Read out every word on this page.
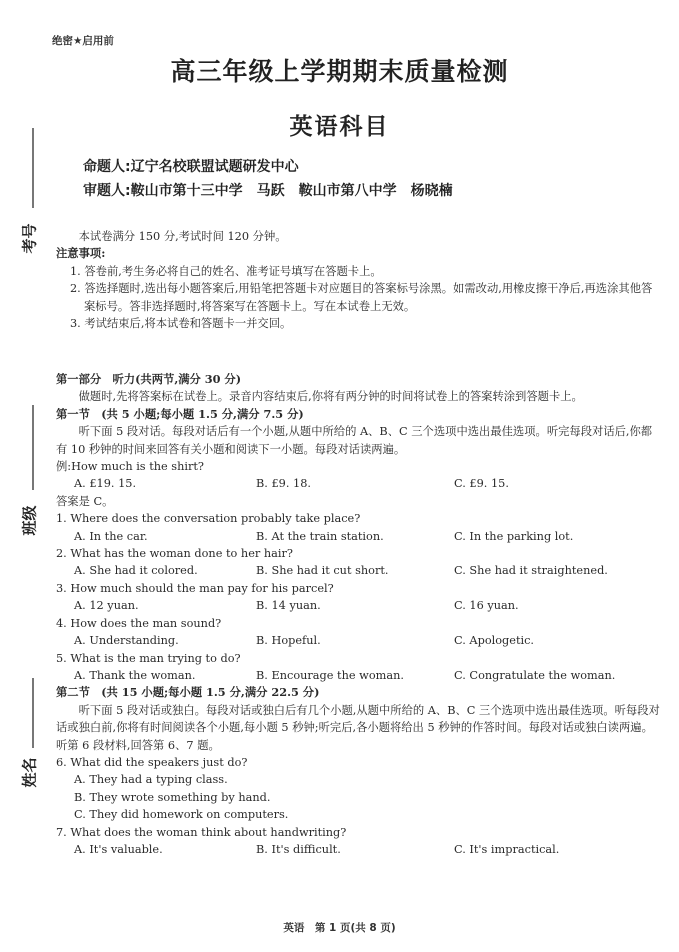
绝密★启用前
高三年级上学期期末质量检测
英语科目
命题人:辽宁名校联盟试题研发中心
审题人:鞍山市第十三中学 马跃 鞍山市第八中学 杨晓楠
考号
班级
姓名
本试卷满分 150 分,考试时间 120 分钟。
注意事项:
1. 答卷前,考生务必将自己的姓名、准考证号填写在答题卡上。
2. 答选择题时,选出每小题答案后,用铅笔把答题卡对应题目的答案标号涂黑。如需改动,用橡皮擦干净后,再选涂其他答案标号。答非选择题时,将答案写在答题卡上。写在本试卷上无效。
3. 考试结束后,将本试卷和答题卡一并交回。
第一部分　听力(共两节,满分 30 分)
做题时,先将答案标在试卷上。录音内容结束后,你将有两分钟的时间将试卷上的答案转涂到答题卡上。
第一节　(共 5 小题;每小题 1.5 分,满分 7.5 分)
听下面 5 段对话。每段对话后有一个小题,从题中所给的 A、B、C 三个选项中选出最佳选项。听完每段对话后,你都有 10 秒钟的时间来回答有关小题和阅读下一小题。每段对话读两遍。
例:How much is the shirt?
A. £19. 15.	B. £9. 18.	C. £9. 15.
答案是 C。
1. Where does the conversation probably take place?
A. In the car.	B. At the train station.	C. In the parking lot.
2. What has the woman done to her hair?
A. She had it colored.	B. She had it cut short.	C. She had it straightened.
3. How much should the man pay for his parcel?
A. 12 yuan.	B. 14 yuan.	C. 16 yuan.
4. How does the man sound?
A. Understanding.	B. Hopeful.	C. Apologetic.
5. What is the man trying to do?
A. Thank the woman.	B. Encourage the woman.	C. Congratulate the woman.
第二节　(共 15 小题;每小题 1.5 分,满分 22.5 分)
听下面 5 段对话或独白。每段对话或独白后有几个小题,从题中所给的 A、B、C 三个选项中选出最佳选项。听每段对话或独白前,你将有时间阅读各个小题,每小题 5 秒钟;听完后,各小题将给出 5 秒钟的作答时间。每段对话或独白读两遍。
听第 6 段材料,回答第 6、7 题。
6. What did the speakers just do?
A. They had a typing class.
B. They wrote something by hand.
C. They did homework on computers.
7. What does the woman think about handwriting?
A. It's valuable.	B. It's difficult.	C. It's impractical.
英语　第 1 页(共 8 页)
